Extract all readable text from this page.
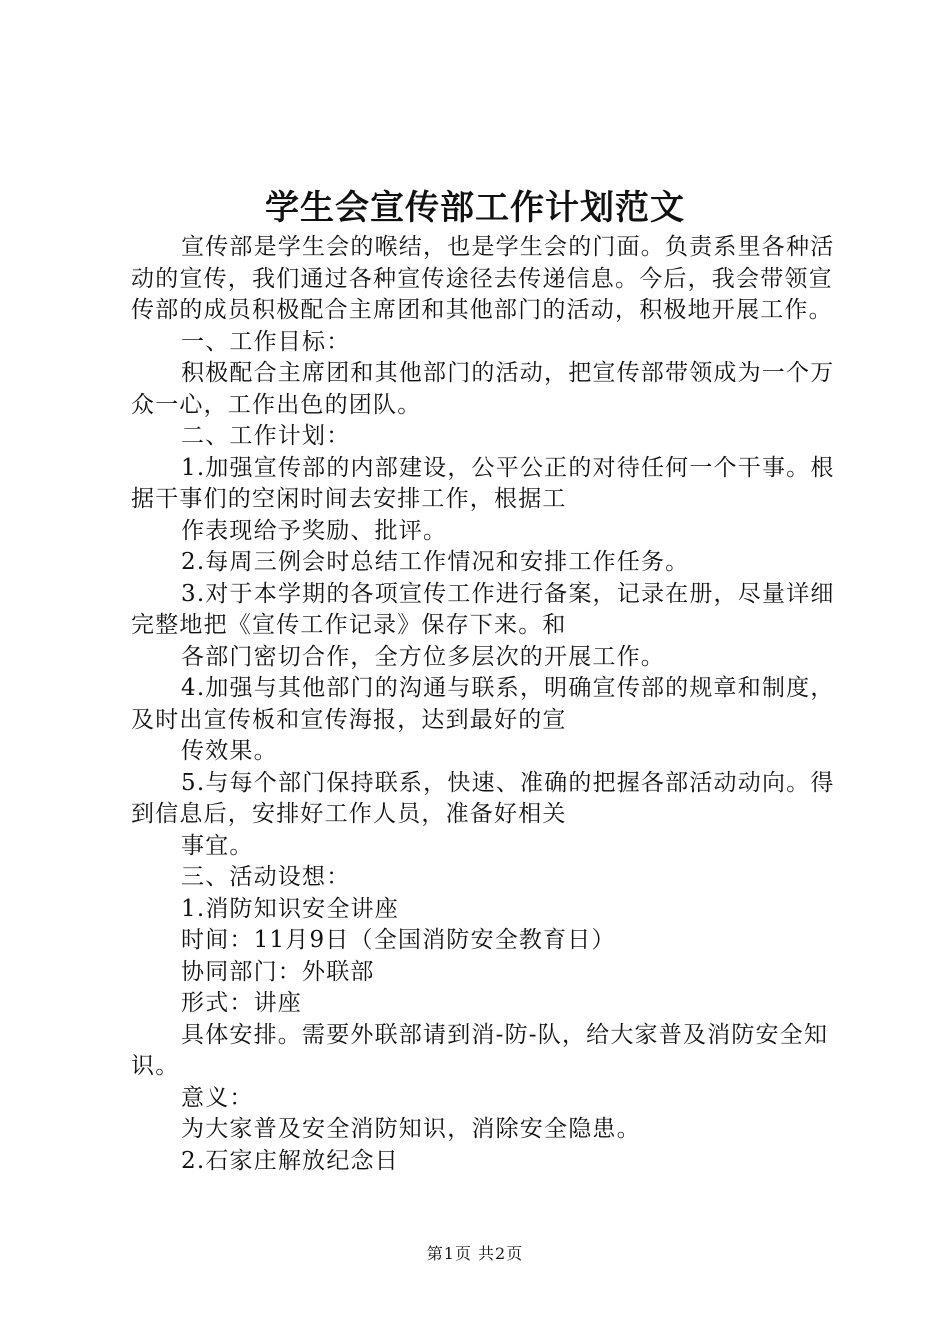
学生会宣传部工作计划范文

宣传部是学生会的喉结，也是学生会的门面。负责系里各种活动的宣传，我们通过各种宣传途径去传递信息。今后，我会带领宣传部的成员积极配合主席团和其他部门的活动，积极地开展工作。

一、工作目标：

积极配合主席团和其他部门的活动，把宣传部带领成为一个万众一心，工作出色的团队。

二、工作计划：

1.加强宣传部的内部建设，公平公正的对待任何一个干事。根据干事们的空闲时间去安排工作，根据工

作表现给予奖励、批评。

2.每周三例会时总结工作情况和安排工作任务。

3.对于本学期的各项宣传工作进行备案，记录在册，尽量详细完整地把《宣传工作记录》保存下来。和

各部门密切合作，全方位多层次的开展工作。

4.加强与其他部门的沟通与联系，明确宣传部的规章和制度，及时出宣传板和宣传海报，达到最好的宣

传效果。

5.与每个部门保持联系，快速、准确的把握各部活动动向。得到信息后，安排好工作人员，准备好相关

事宜。

三、活动设想：

1.消防知识安全讲座

时间：11月9日（全国消防安全教育日）

协同部门：外联部

形式：讲座

具体安排。需要外联部请到消-防-队，给大家普及消防安全知识。

意义：

为大家普及安全消防知识，消除安全隐患。

2.石家庄解放纪念日

第1页 共2页
